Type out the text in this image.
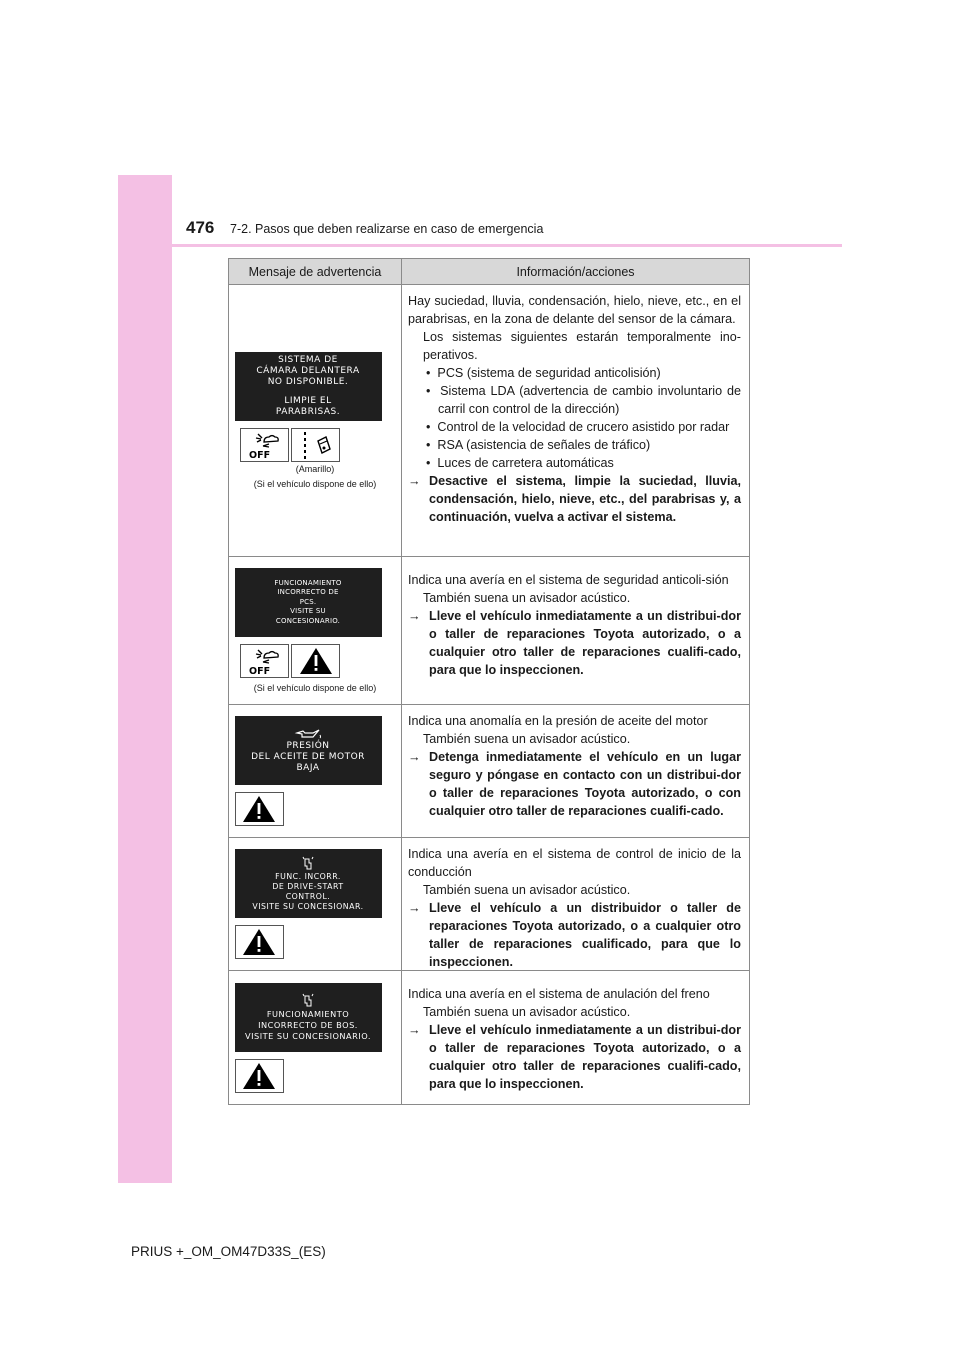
476 7-2. Pasos que deben realizarse en caso de emergencia
Mensaje de advertencia	Información/acciones
SISTEMA DE
CÁMARA DELANTERA
NO DISPONIBLE.
LIMPIE EL
PARABRISAS.
OFF
(Amarillo)
(Si el vehículo dispone de ello)

Hay suciedad, lluvia, condensación, hielo, nieve, etc., en el parabrisas, en la zona de delante del sensor de la cámara.

Los sistemas siguientes estarán temporalmente ino-perativos.

•  PCS (sistema de seguridad anticolisión)

•  Sistema LDA (advertencia de cambio involuntario de carril con control de la dirección)

•  Control de la velocidad de crucero asistido por radar

•  RSA (asistencia de señales de tráfico)

•  Luces de carretera automáticas

→ Desactive el sistema, limpie la suciedad, lluvia, condensación, hielo, nieve, etc., del parabrisas y, a continuación, vuelva a activar el sistema.

FUNCIONAMIENTO
INCORRECTO DE
PCS.
VISITE SU
CONCESIONARIO.
OFF
(Si el vehículo dispone de ello)

Indica una avería en el sistema de seguridad anticoli-sión

También suena un avisador acústico.

→ Lleve el vehículo inmediatamente a un distribui-dor o taller de reparaciones Toyota autorizado, o a cualquier otro taller de reparaciones cualifi-cado, para que lo inspeccionen.

PRESIÓN
DEL ACEITE DE MOTOR
BAJA

Indica una anomalía en la presión de aceite del motor

También suena un avisador acústico.

→ Detenga inmediatamente el vehículo en un lugar seguro y póngase en contacto con un distribui-dor o taller de reparaciones Toyota autorizado, o con cualquier otro taller de reparaciones cualifi-cado.

FUNC. INCORR.
DE DRIVE-START
CONTROL.
VISITE SU CONCESIONAR.

Indica una avería en el sistema de control de inicio de la conducción

También suena un avisador acústico.

→ Lleve el vehículo a un distribuidor o taller de reparaciones Toyota autorizado, o a cualquier otro taller de reparaciones cualificado, para que lo inspeccionen.

FUNCIONAMIENTO
INCORRECTO DE BOS.
VISITE SU CONCESIONARIO.

Indica una avería en el sistema de anulación del freno

También suena un avisador acústico.

→ Lleve el vehículo inmediatamente a un distribui-dor o taller de reparaciones Toyota autorizado, o a cualquier otro taller de reparaciones cualifi-cado, para que lo inspeccionen.

PRIUS +_OM_OM47D33S_(ES)
